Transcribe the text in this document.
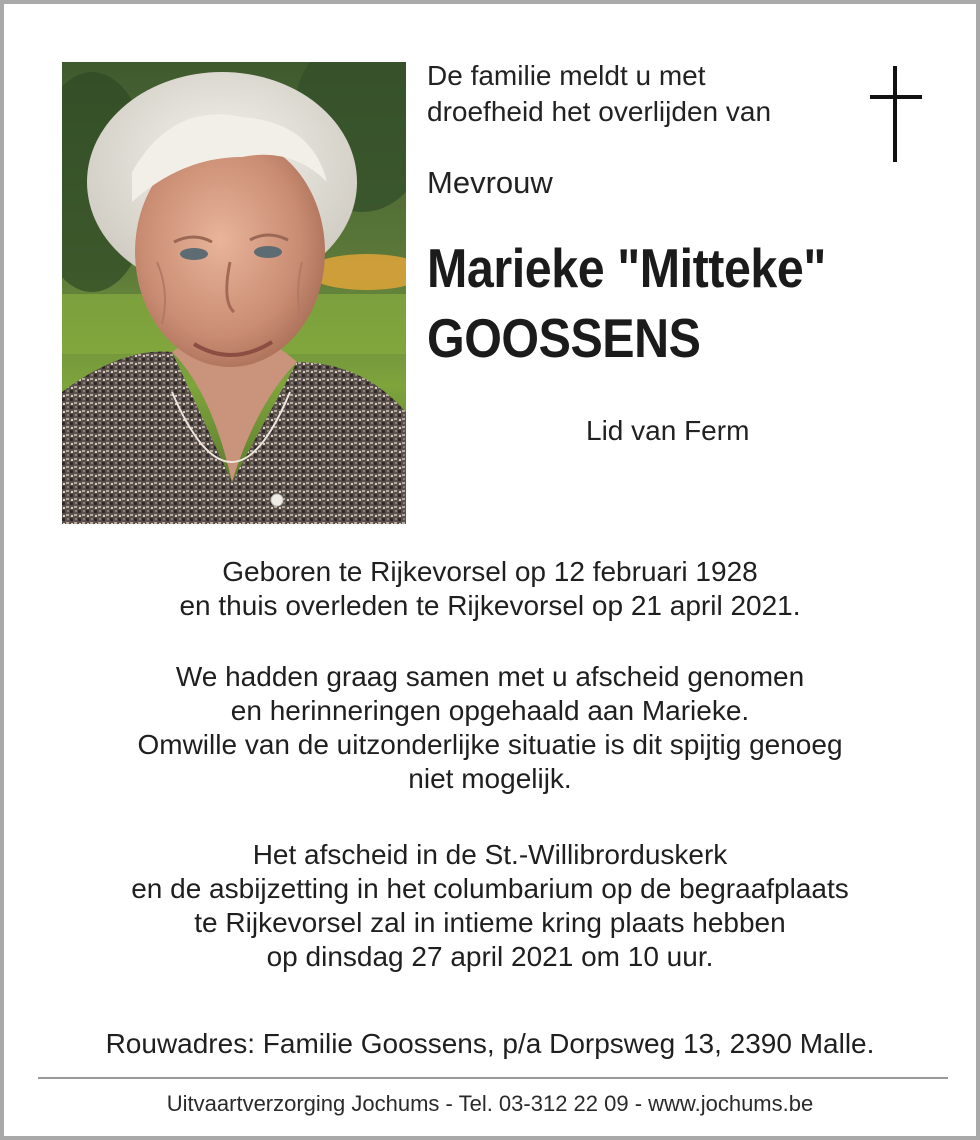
De familie meldt u met
droefheid het overlijden van
Mevrouw
Marieke "Mitteke"
GOOSSENS
Lid van Ferm
Geboren te Rijkevorsel op 12 februari 1928
en thuis overleden te Rijkevorsel op 21 april 2021.
We hadden graag samen met u afscheid genomen
en herinneringen opgehaald aan Marieke.
Omwille van de uitzonderlijke situatie is dit spijtig genoeg
niet mogelijk.
Het afscheid in de St.-Willibrorduskerk
en de asbijzetting in het columbarium op de begraafplaats
te Rijkevorsel zal in intieme kring plaats hebben
op dinsdag 27 april 2021 om 10 uur.
Rouwadres: Familie Goossens, p/a Dorpsweg 13, 2390 Malle.
Uitvaartverzorging Jochums - Tel. 03-312 22 09 - www.jochums.be
